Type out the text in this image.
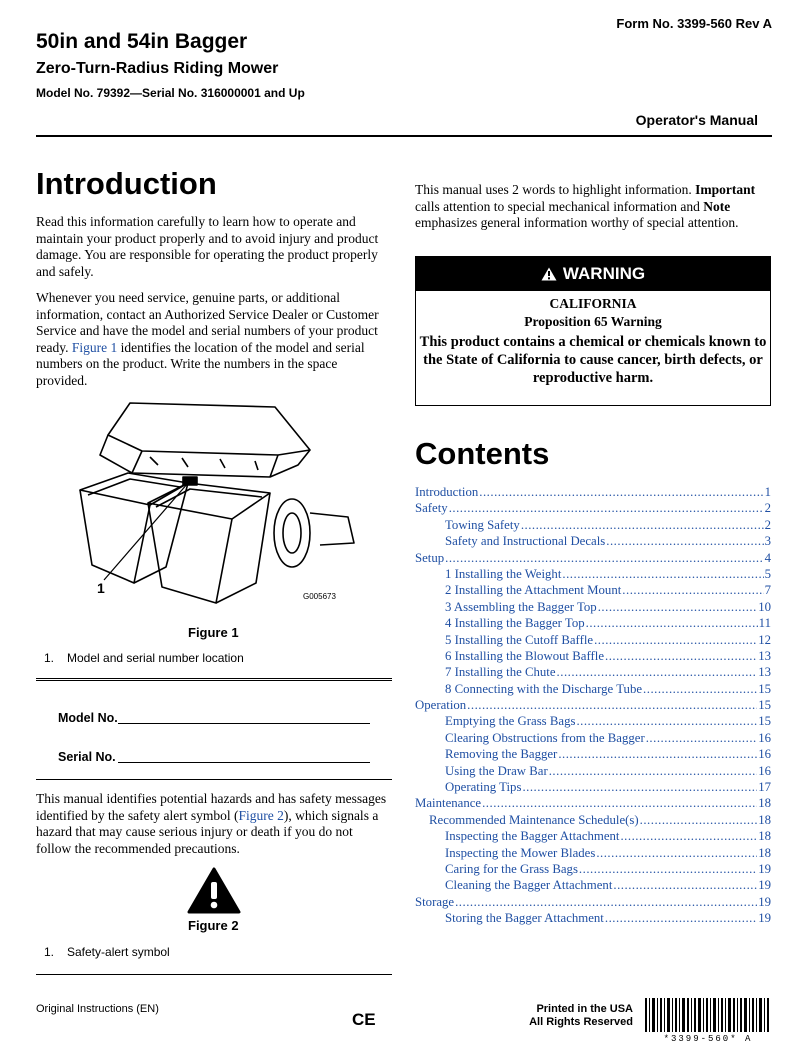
Form No. 3399-560 Rev A
50in and 54in Bagger
Zero-Turn-Radius Riding Mower
Model No. 79392—Serial No. 316000001 and Up
Operator's Manual
Introduction
Read this information carefully to learn how to operate and maintain your product properly and to avoid injury and product damage. You are responsible for operating the product properly and safely.
Whenever you need service, genuine parts, or additional information, contact an Authorized Service Dealer or Customer Service and have the model and serial numbers of your product ready. Figure 1 identifies the location of the model and serial numbers on the product. Write the numbers in the space provided.
1
G005673
Figure 1
1. Model and serial number location
Model No.
Serial No.
This manual identifies potential hazards and has safety messages identified by the safety alert symbol (Figure 2), which signals a hazard that may cause serious injury or death if you do not follow the recommended precautions.
Figure 2
1. Safety-alert symbol
This manual uses 2 words to highlight information. Important calls attention to special mechanical information and Note emphasizes general information worthy of special attention.
WARNING
CALIFORNIA
Proposition 65 Warning
This product contains a chemical or chemicals known to the State of California to cause cancer, birth defects, or reproductive harm.
Contents
Introduction .....	1
Safety .....	2
Towing Safety .....	2
Safety and Instructional Decals .....	3
Setup .....	4
1 Installing the Weight .....	5
2 Installing the Attachment Mount .....	7
3 Assembling the Bagger Top .....	10
4 Installing the Bagger Top .....	11
5 Installing the Cutoff Baffle .....	12
6 Installing the Blowout Baffle .....	13
7 Installing the Chute .....	13
8 Connecting with the Discharge Tube .....	15
Operation .....	15
Emptying the Grass Bags .....	15
Clearing Obstructions from the Bagger .....	16
Removing the Bagger .....	16
Using the Draw Bar .....	16
Operating Tips .....	17
Maintenance .....	18
Recommended Maintenance Schedule(s) .....	18
Inspecting the Bagger Attachment .....	18
Inspecting the Mower Blades .....	18
Caring for the Grass Bags .....	19
Cleaning the Bagger Attachment .....	19
Storage .....	19
Storing the Bagger Attachment .....	19
Original Instructions (EN)
CE
Printed in the USA
All Rights Reserved
*3399-560* A
